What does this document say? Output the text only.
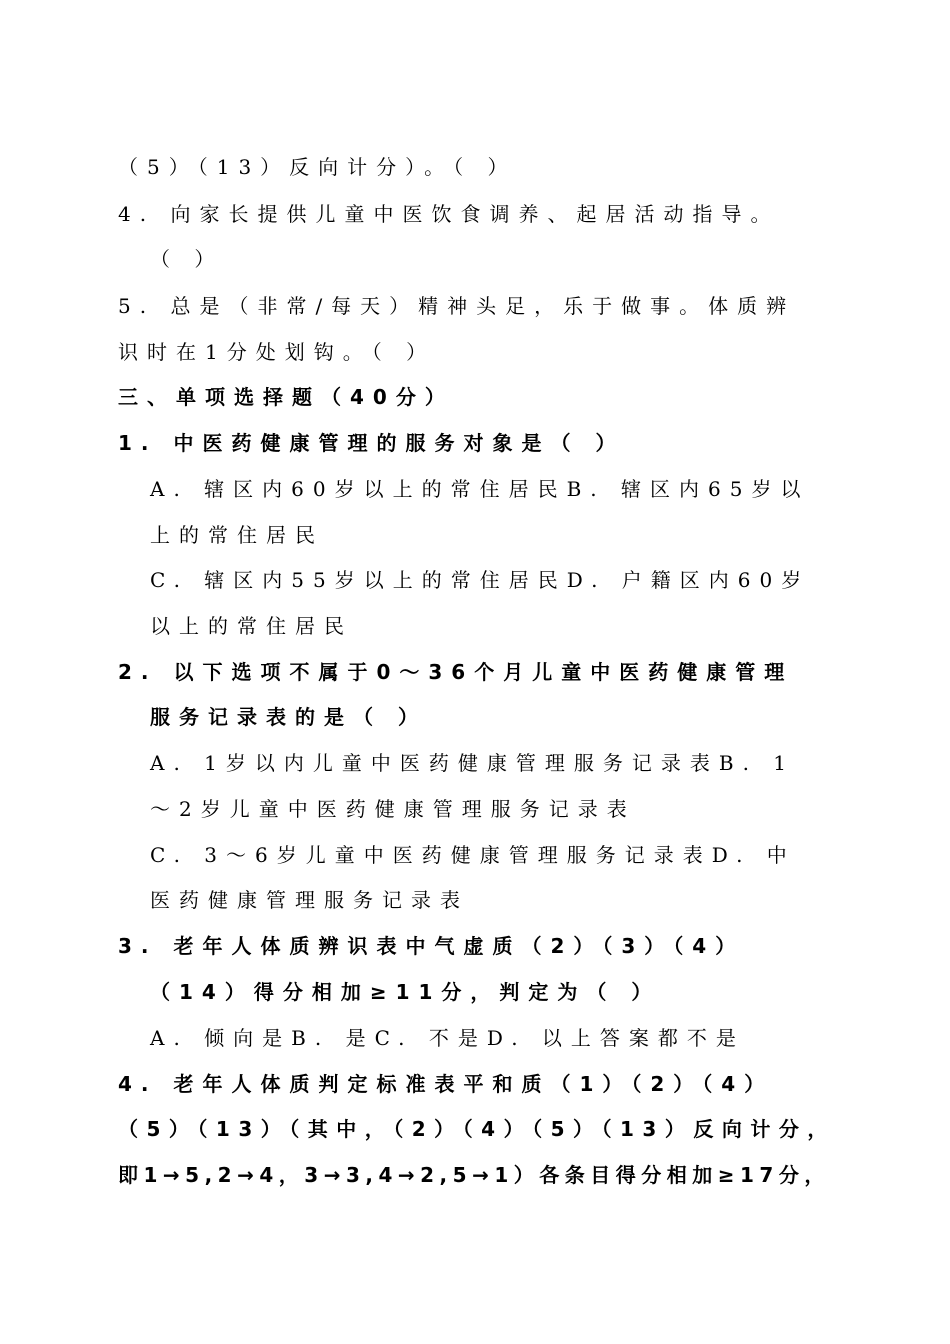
（5）（13）反向计分）。（ ）
4. 向家长提供儿童中医饮食调养、起居活动指导。
（ ）
5. 总是（非常/每天）精神头足，乐于做事。体质辨
识时在1分处划钩。（ ）
三、单项选择题（40分）
1. 中医药健康管理的服务对象是（ ）
A. 辖区内60岁以上的常住居民B. 辖区内65岁以
上的常住居民
C. 辖区内55岁以上的常住居民D. 户籍区内60岁
以上的常住居民
2. 以下选项不属于0～36个月儿童中医药健康管理
服务记录表的是（ ）
A. 1岁以内儿童中医药健康管理服务记录表B. 1
～2岁儿童中医药健康管理服务记录表
C. 3～6岁儿童中医药健康管理服务记录表D. 中
医药健康管理服务记录表
3. 老年人体质辨识表中气虚质（2）（3）（4）
（14）得分相加≥11分，判定为（ ）
A. 倾向是B. 是C. 不是D. 以上答案都不是
4. 老年人体质判定标准表平和质（1）（2）（4）
（5）（13）（其中，（2）（4）（5）（13）反向计分，
即1→5,2→4，3→3,4→2,5→1）各条目得分相加≥17分，
